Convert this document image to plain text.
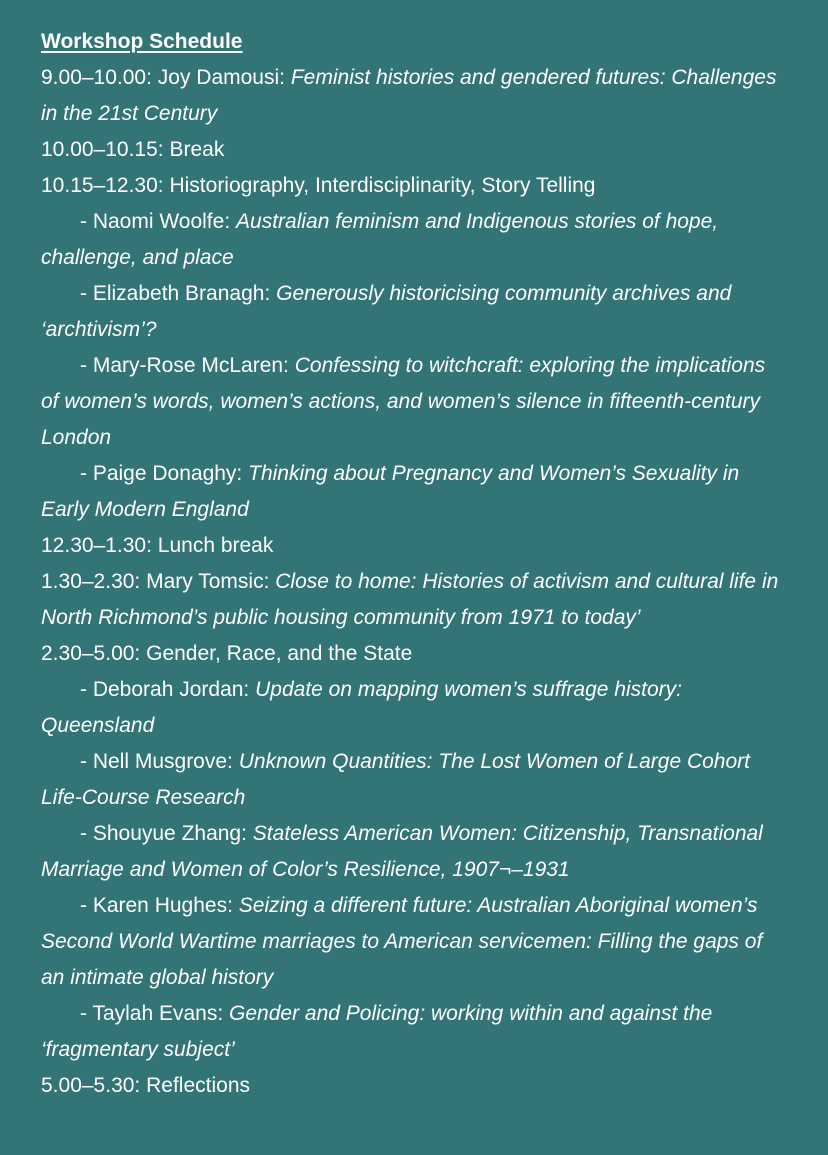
Workshop Schedule

9.00–10.00: Joy Damousi: Feminist histories and gendered futures: Challenges in the 21st Century

10.00–10.15: Break

10.15–12.30: Historiography, Interdisciplinarity, Story Telling

- Naomi Woolfe: Australian feminism and Indigenous stories of hope, challenge, and place

- Elizabeth Branagh: Generously historicising community archives and ‘archtivism’?

- Mary-Rose McLaren: Confessing to witchcraft: exploring the implications of women’s words, women’s actions, and women’s silence in fifteenth-century London

- Paige Donaghy: Thinking about Pregnancy and Women’s Sexuality in Early Modern England

12.30–1.30: Lunch break

1.30–2.30: Mary Tomsic: Close to home: Histories of activism and cultural life in North Richmond’s public housing community from 1971 to today’

2.30–5.00: Gender, Race, and the State

- Deborah Jordan: Update on mapping women’s suffrage history: Queensland

- Nell Musgrove: Unknown Quantities: The Lost Women of Large Cohort Life-Course Research

- Shouyue Zhang: Stateless American Women: Citizenship, Transnational Marriage and Women of Color’s Resilience, 1907¬–1931

- Karen Hughes: Seizing a different future: Australian Aboriginal women’s Second World Wartime marriages to American servicemen: Filling the gaps of an intimate global history

- Taylah Evans: Gender and Policing: working within and against the ‘fragmentary subject’

5.00–5.30: Reflections
